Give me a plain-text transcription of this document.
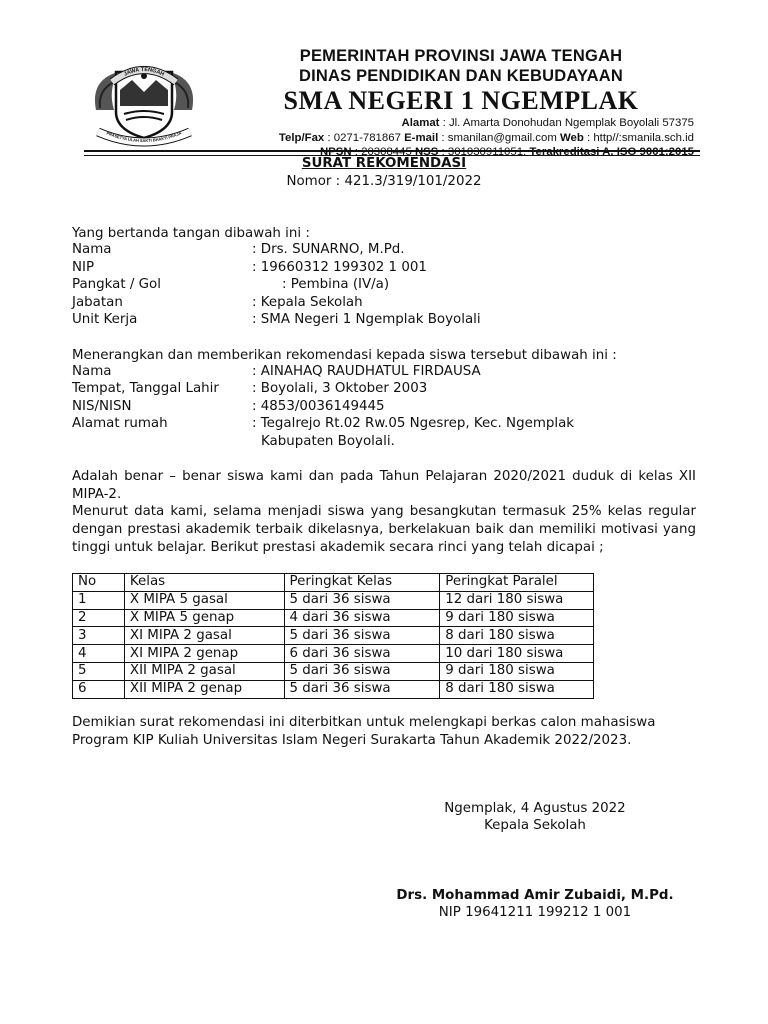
JAWA TENGAH
PRASETYA ULAH SAKTI BHAKTI PRAJA
PEMERINTAH PROVINSI JAWA TENGAH
DINAS PENDIDIKAN DAN KEBUDAYAAN
SMA NEGERI 1 NGEMPLAK
Alamat : Jl. Amarta Donohudan Ngemplak Boyolali 57375
Telp/Fax : 0271-781867 E-mail : smanilan@gmail.com Web : http//:smanila.sch.id
NPSN : 20308445 NSS : 301030911051. Terakreditasi A. ISO 9001:2015
SURAT REKOMENDASI
Nomor : 421.3/319/101/2022
Yang bertanda tangan dibawah ini :
Nama	: Drs. SUNARNO, M.Pd.
NIP	: 19660312 199302 1 001
Pangkat / Gol	: Pembina (IV/a)
Jabatan	: Kepala Sekolah
Unit Kerja	: SMA Negeri 1 Ngemplak Boyolali
Menerangkan dan memberikan rekomendasi kepada siswa tersebut dibawah ini :
Nama	: AINAHAQ RAUDHATUL FIRDAUSA
Tempat, Tanggal Lahir : Boyolali, 3 Oktober 2003
NIS/NISN	: 4853/0036149445
Alamat rumah	: Tegalrejo Rt.02 Rw.05 Ngesrep, Kec. Ngemplak
Kabupaten Boyolali.
Adalah benar – benar siswa kami dan pada Tahun Pelajaran 2020/2021 duduk di kelas XII MIPA-2.
Menurut data kami, selama menjadi siswa yang besangkutan termasuk 25% kelas regular dengan prestasi akademik terbaik dikelasnya, berkelakuan baik dan memiliki motivasi yang tinggi untuk belajar. Berikut prestasi akademik secara rinci yang telah dicapai ;
No	Kelas	Peringkat Kelas	Peringkat Paralel
1	X MIPA 5 gasal	5 dari 36 siswa	12 dari 180 siswa
2	X MIPA 5 genap	4 dari 36 siswa	9 dari 180 siswa
3	XI MIPA 2 gasal	5 dari 36 siswa	8 dari 180 siswa
4	XI MIPA 2 genap	6 dari 36 siswa	10 dari 180 siswa
5	XII MIPA 2 gasal	5 dari 36 siswa	9 dari 180 siswa
6	XII MIPA 2 genap	5 dari 36 siswa	8 dari 180 siswa
Demikian surat rekomendasi ini diterbitkan untuk melengkapi berkas calon mahasiswa Program KIP Kuliah Universitas Islam Negeri Surakarta Tahun Akademik 2022/2023.
Ngemplak, 4 Agustus 2022
Kepala Sekolah
Drs. Mohammad Amir Zubaidi, M.Pd.
NIP 19641211 199212 1 001
